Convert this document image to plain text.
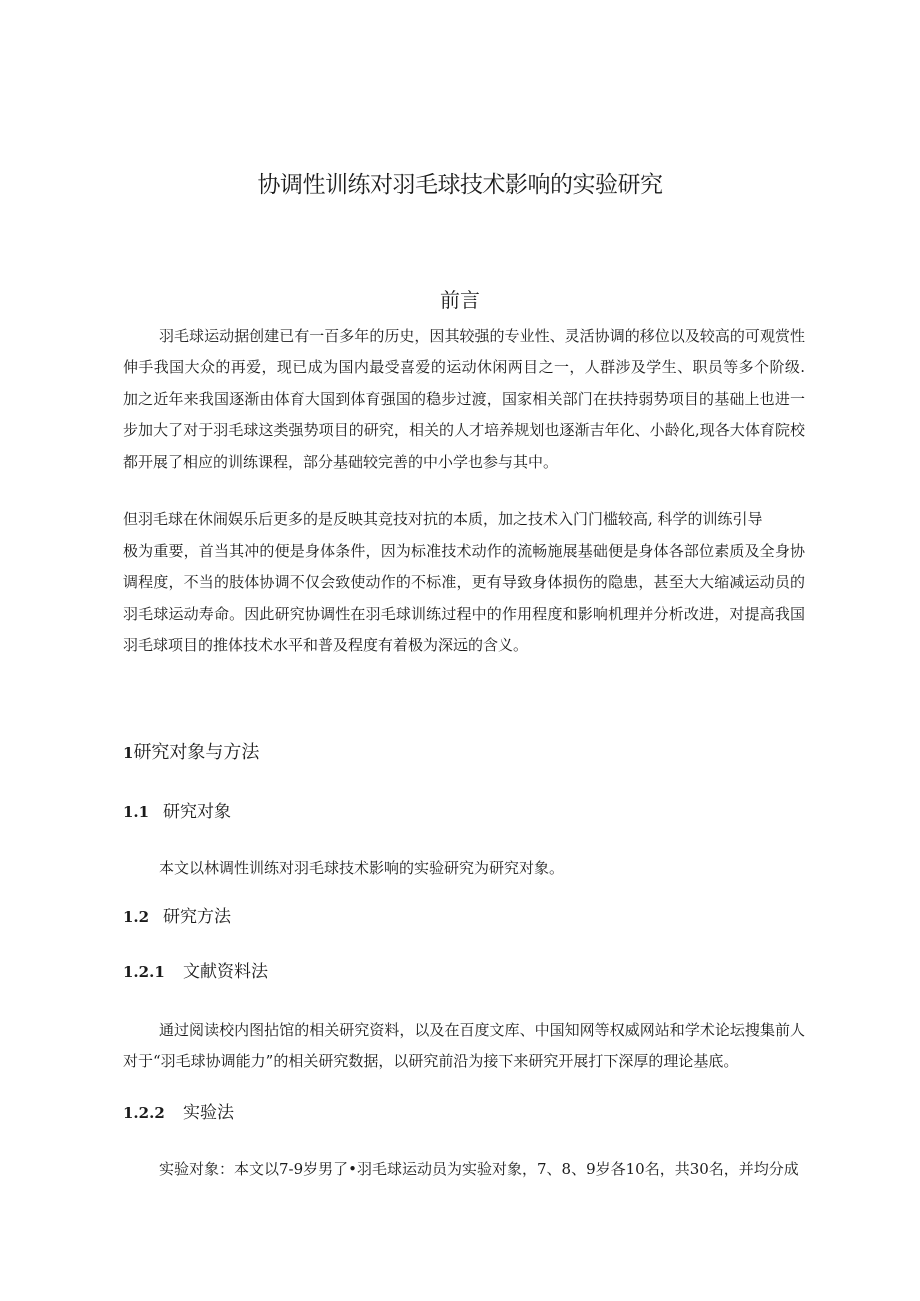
协调性训练对羽毛球技术影响的实验研究
前言
羽毛球运动据创建已有一百多年的历史，因其较强的专业性、灵活协调的移位以及较高的可观赏性伸手我国大众的再爱，现已成为国内最受喜爱的运动休闲两目之一，人群涉及学生、职员等多个阶级. 加之近年来我国逐渐由体育大国到体育强国的稳步过渡，国家相关部门在扶持弱势项目的基础上也进一步加大了对于羽毛球这类强势项目的研究，相关的人才培养规划也逐渐吉年化、小龄化,现各大体育院校都开展了相应的训练课程，部分基础较完善的中小学也参与其中。
但羽毛球在休闹娱乐后更多的是反映其竞技对抗的本质，加之技术入门门槛较高, 科学的训练引导
极为重要，首当其冲的便是身体条件，因为标准技术动作的流畅施展基础便是身体各部位素质及全身协调程度，不当的肢体协调不仅会致使动作的不标准，更有导致身体损伤的隐患，甚至大大缩减运动员的羽毛球运动寿命。因此研究协调性在羽毛球训练过程中的作用程度和影响机理并分析改进，对提高我国羽毛球项目的推体技术水平和普及程度有着极为深远的含义。
1研究对象与方法
1.1 研究对象
本文以林调性训练对羽毛球技术影响的实验研究为研究对象。
1.2 研究方法
1.2.1 文献资料法
通过阅读校内图拈馆的相关研究资料，以及在百度文库、中国知网等权威网站和学术论坛搜集前人对于“羽毛球协调能力”的相关研究数据，以研究前沿为接下来研究开展打下深厚的理论基底。
1.2.2 实验法
实验对象：本文以7-9岁男了•羽毛球运动员为实验对象，7、8、9岁各10名，共30名，并均分成
